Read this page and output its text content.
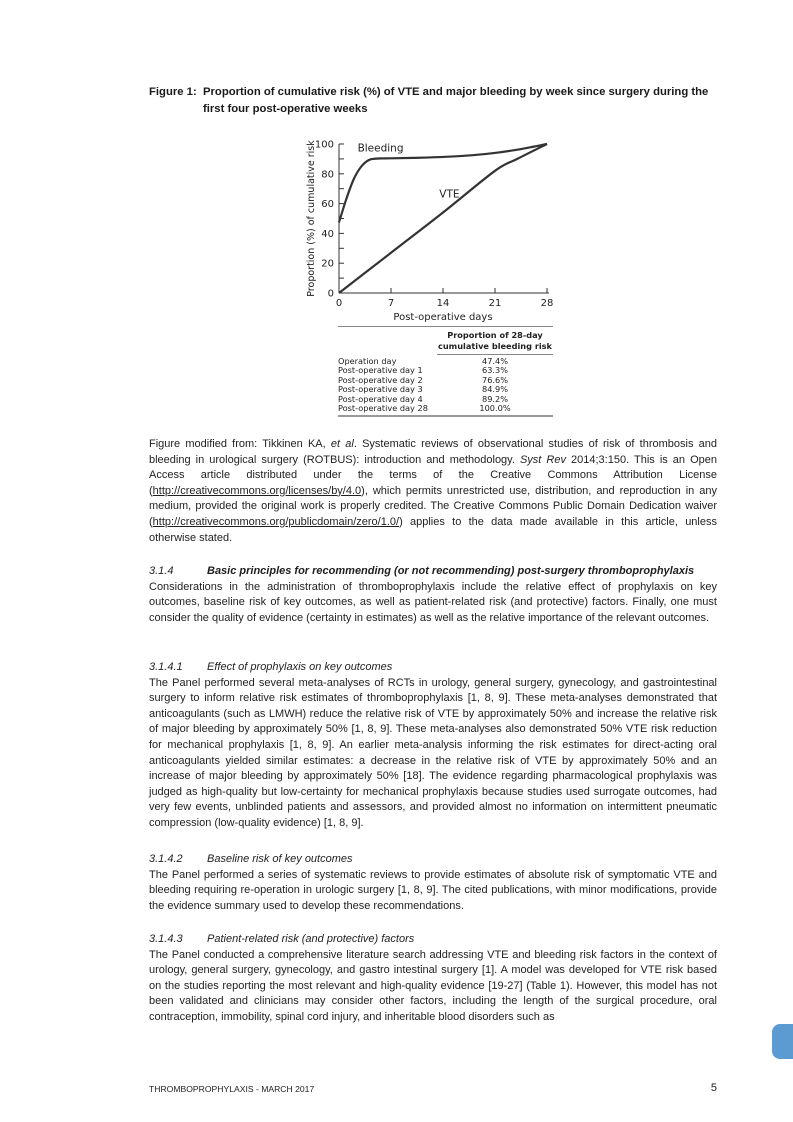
Figure 1: Proportion of cumulative risk (%) of VTE and major bleeding by week since surgery during the
first four post-operative weeks
0
20
40
60
80
100
0	7	14	21	28
Post-operative days
Proportion (%) of cumulative risk	Bleeding
VTE
Proportion of 28-day
cumulative bleeding risk
Operation day	47.4%
Post-operative day 1	63.3%
Post-operative day 2	76.6%
Post-operative day 3	84.9%
Post-operative day 4	89.2%
Post-operative day 28	100.0%
Figure modified from: Tikkinen KA, et al. Systematic reviews of observational studies of risk of thrombosis and bleeding in urological surgery (ROTBUS): introduction and methodology. Syst Rev 2014;3:150. This is an Open Access article distributed under the terms of the Creative Commons Attribution License (http://creativecommons.org/licenses/by/4.0), which permits unrestricted use, distribution, and reproduction in any medium, provided the original work is properly credited. The Creative Commons Public Domain Dedication waiver (http://creativecommons.org/publicdomain/zero/1.0/) applies to the data made available in this article, unless otherwise stated.
3.1.4	Basic principles for recommending (or not recommending) post-surgery thromboprophylaxis
Considerations in the administration of thromboprophylaxis include the relative effect of prophylaxis on key outcomes, baseline risk of key outcomes, as well as patient-related risk (and protective) factors. Finally, one must consider the quality of evidence (certainty in estimates) as well as the relative importance of the relevant outcomes.
3.1.4.1 Effect of prophylaxis on key outcomes
The Panel performed several meta-analyses of RCTs in urology, general surgery, gynecology, and gastrointestinal surgery to inform relative risk estimates of thromboprophylaxis [1, 8, 9]. These meta-analyses demonstrated that anticoagulants (such as LMWH) reduce the relative risk of VTE by approximately 50% and increase the relative risk of major bleeding by approximately 50% [1, 8, 9]. These meta-analyses also demonstrated 50% VTE risk reduction for mechanical prophylaxis [1, 8, 9]. An earlier meta-analysis informing the risk estimates for direct-acting oral anticoagulants yielded similar estimates: a decrease in the relative risk of VTE by approximately 50% and an increase of major bleeding by approximately 50% [18]. The evidence regarding pharmacological prophylaxis was judged as high-quality but low-certainty for mechanical prophylaxis because studies used surrogate outcomes, had very few events, unblinded patients and assessors, and provided almost no information on intermittent pneumatic compression (low-quality evidence) [1, 8, 9].
3.1.4.2 Baseline risk of key outcomes
The Panel performed a series of systematic reviews to provide estimates of absolute risk of symptomatic VTE and bleeding requiring re-operation in urologic surgery [1, 8, 9]. The cited publications, with minor modifications, provide the evidence summary used to develop these recommendations.
3.1.4.3 Patient-related risk (and protective) factors
The Panel conducted a comprehensive literature search addressing VTE and bleeding risk factors in the context of urology, general surgery, gynecology, and gastro intestinal surgery [1]. A model was developed for VTE risk based on the studies reporting the most relevant and high-quality evidence [19-27] (Table 1). However, this model has not been validated and clinicians may consider other factors, including the length of the surgical procedure, oral contraception, immobility, spinal cord injury, and inheritable blood disorders such as
THROMBOPROPHYLAXIS - MARCH 2017	5
